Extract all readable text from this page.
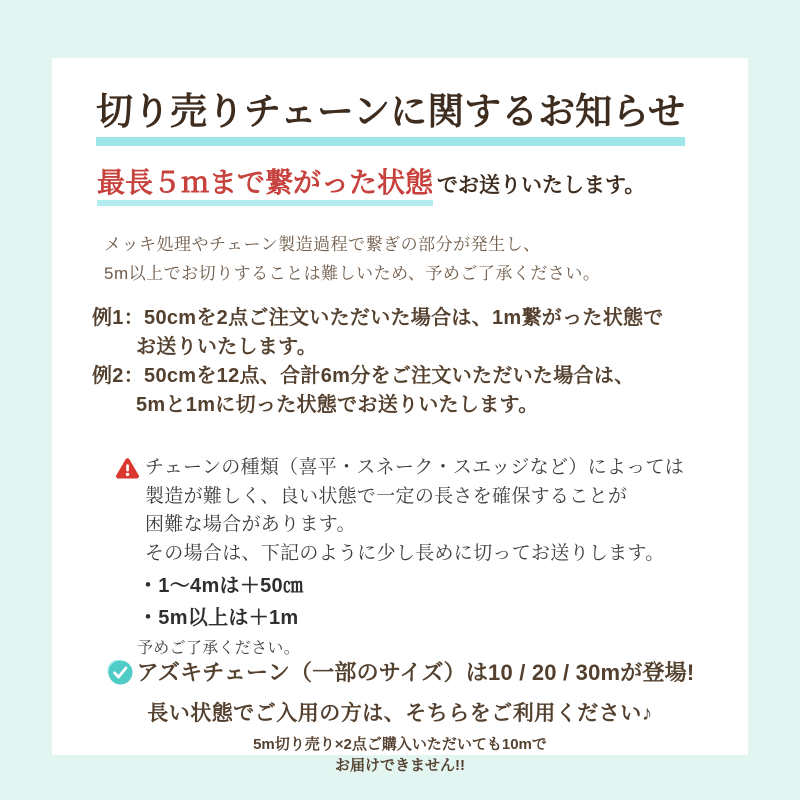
切り売りチェーンに関するお知らせ
最長５ｍまで繋がった状態 でお送りいたします。
メッキ処理やチェーン製造過程で繋ぎの部分が発生し、
5m以上でお切りすることは難しいため、予めご了承ください。
例1：50cmを2点ご注文いただいた場合は、1m繋がった状態で
お送りいたします。
例2：50cmを12点、合計6m分をご注文いただいた場合は、
5mと1mに切った状態でお送りいたします。
チェーンの種類（喜平・スネーク・スエッジなど）によっては
製造が難しく、良い状態で一定の長さを確保することが
困難な場合があります。
その場合は、下記のように少し長めに切ってお送りします。
・1〜4mは＋50㎝
・5m以上は＋1m
予めご了承ください。
アズキチェーン（一部のサイズ）は10 / 20 / 30mが登場!
長い状態でご入用の方は、そちらをご利用ください♪
5m切り売り×2点ご購入いただいても10mで
お届けできません!!
